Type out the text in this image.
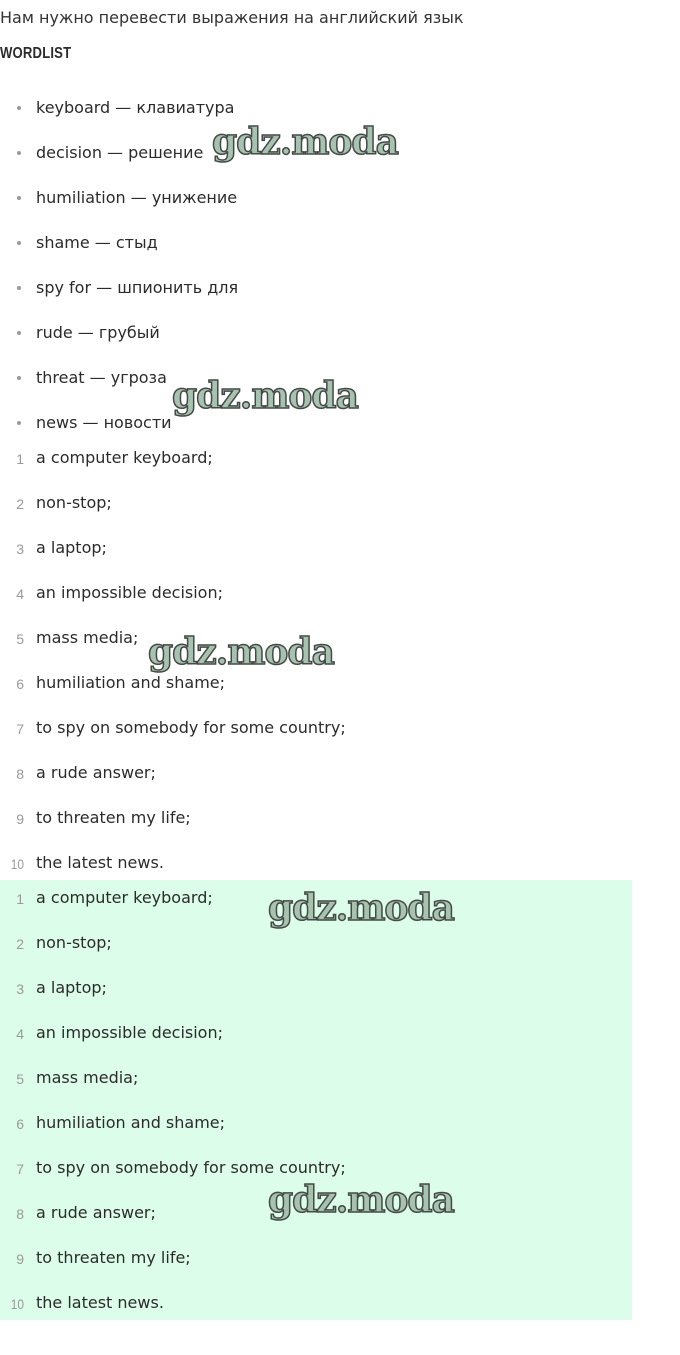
Нам нужно перевести выражения на английский язык
WORDLIST
keyboard — клавиатура
decision — решение
humiliation — унижение
shame — стыд
spy for — шпионить для
rude — грубый
threat — угроза
news — новости
1 a computer keyboard;
2 non-stop;
3 a laptop;
4 an impossible decision;
5 mass media;
6 humiliation and shame;
7 to spy on somebody for some country;
8 a rude answer;
9 to threaten my life;
10 the latest news.
1 a computer keyboard;
2 non-stop;
3 a laptop;
4 an impossible decision;
5 mass media;
6 humiliation and shame;
7 to spy on somebody for some country;
8 a rude answer;
9 to threaten my life;
10 the latest news.
gdz.moda
gdz.moda
gdz.moda
gdz.moda
gdz.moda
